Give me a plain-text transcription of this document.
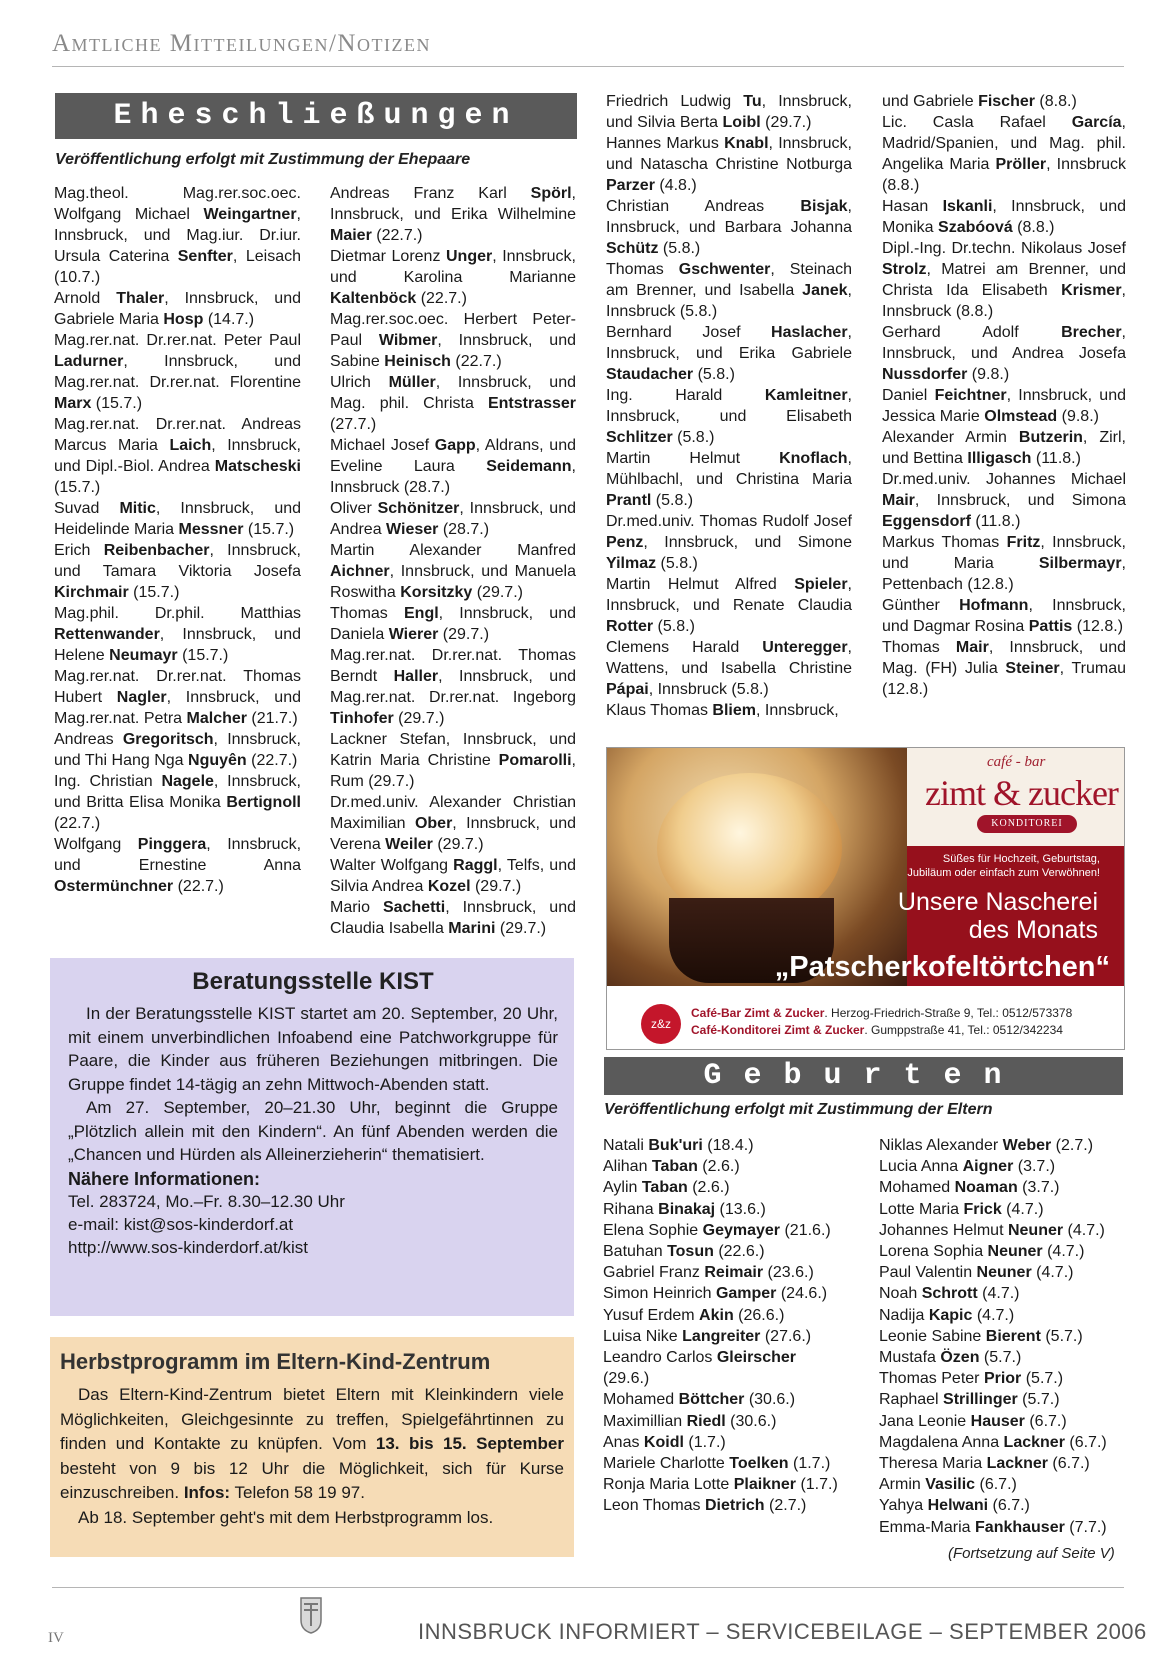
Amtliche Mitteilungen/Notizen
Eheschließungen
Veröffentlichung erfolgt mit Zustimmung der Ehepaare

Mag.theol. Mag.rer.soc.oec. Wolfgang Michael Weingartner, Innsbruck, und Mag.iur. Dr.iur. Ursula Caterina Senfter, Leisach (10.7.)

Arnold Thaler, Innsbruck, und Gabriele Maria Hosp (14.7.)

Mag.rer.nat. Dr.rer.nat. Peter Paul Ladurner, Innsbruck, und Mag.rer.nat. Dr.rer.nat. Florentine Marx (15.7.)

Mag.rer.nat. Dr.rer.nat. Andreas Marcus Maria Laich, Innsbruck, und Dipl.-Biol. Andrea Matscheski (15.7.)

Suvad Mitic, Innsbruck, und Heidelinde Maria Messner (15.7.)

Erich Reibenbacher, Innsbruck, und Tamara Viktoria Josefa Kirchmair (15.7.)

Mag.phil. Dr.phil. Matthias Rettenwander, Innsbruck, und Helene Neumayr (15.7.)

Mag.rer.nat. Dr.rer.nat. Thomas Hubert Nagler, Innsbruck, und Mag.rer.nat. Petra Malcher (21.7.)

Andreas Gregoritsch, Innsbruck, und Thi Hang Nga Nguyên (22.7.)

Ing. Christian Nagele, Innsbruck, und Britta Elisa Monika Bertignoll (22.7.)

Wolfgang Pinggera, Innsbruck, und Ernestine Anna Ostermünchner (22.7.)

Andreas Franz Karl Spörl, Innsbruck, und Erika Wilhelmine Maier (22.7.)

Dietmar Lorenz Unger, Innsbruck, und Karolina Marianne Kaltenböck (22.7.)

Mag.rer.soc.oec. Herbert Peter-Paul Wibmer, Innsbruck, und Sabine Heinisch (22.7.)

Ulrich Müller, Innsbruck, und Mag. phil. Christa Entstrasser (27.7.)

Michael Josef Gapp, Aldrans, und Eveline Laura Seidemann, Innsbruck (28.7.)

Oliver Schönitzer, Innsbruck, und Andrea Wieser (28.7.)

Martin Alexander Manfred Aichner, Innsbruck, und Manuela Roswitha Korsitzky (29.7.)

Thomas Engl, Innsbruck, und Daniela Wierer (29.7.)

Mag.rer.nat. Dr.rer.nat. Thomas Berndt Haller, Innsbruck, und Mag.rer.nat. Dr.rer.nat. Ingeborg Tinhofer (29.7.)

Lackner Stefan, Innsbruck, und Katrin Maria Christine Pomarolli, Rum (29.7.)

Dr.med.univ. Alexander Christian Maximilian Ober, Innsbruck, und Verena Weiler (29.7.)

Walter Wolfgang Raggl, Telfs, und Silvia Andrea Kozel (29.7.)

Mario Sachetti, Innsbruck, und Claudia Isabella Marini (29.7.)

Friedrich Ludwig Tu, Innsbruck, und Silvia Berta Loibl (29.7.)

Hannes Markus Knabl, Innsbruck, und Natascha Christine Notburga Parzer (4.8.)

Christian Andreas Bisjak, Innsbruck, und Barbara Johanna Schütz (5.8.)

Thomas Gschwenter, Steinach am Brenner, und Isabella Janek, Innsbruck (5.8.)

Bernhard Josef Haslacher, Innsbruck, und Erika Gabriele Staudacher (5.8.)

Ing. Harald Kamleitner, Innsbruck, und Elisabeth Schlitzer (5.8.)

Martin Helmut Knoflach, Mühlbachl, und Christina Maria Prantl (5.8.)

Dr.med.univ. Thomas Rudolf Josef Penz, Innsbruck, und Simone Yilmaz (5.8.)

Martin Helmut Alfred Spieler, Innsbruck, und Renate Claudia Rotter (5.8.)

Clemens Harald Unteregger, Wattens, und Isabella Christine Pápai, Innsbruck (5.8.)

Klaus Thomas Bliem, Innsbruck,

und Gabriele Fischer (8.8.)

Lic. Casla Rafael García, Madrid/Spanien, und Mag. phil. Angelika Maria Pröller, Innsbruck (8.8.)

Hasan Iskanli, Innsbruck, und Monika Szabóová (8.8.)

Dipl.-Ing. Dr.techn. Nikolaus Josef Strolz, Matrei am Brenner, und Christa Ida Elisabeth Krismer, Innsbruck (8.8.)

Gerhard Adolf Brecher, Innsbruck, und Andrea Josefa Nussdorfer (9.8.)

Daniel Feichtner, Innsbruck, und Jessica Marie Olmstead (9.8.)

Alexander Armin Butzerin, Zirl, und Bettina Illigasch (11.8.)

Dr.med.univ. Johannes Michael Mair, Innsbruck, und Simona Eggensdorf (11.8.)

Markus Thomas Fritz, Innsbruck, und Maria Silbermayr, Pettenbach (12.8.)

Günther Hofmann, Innsbruck, und Dagmar Rosina Pattis (12.8.)

Thomas Mair, Innsbruck, und Mag. (FH) Julia Steiner, Trumau (12.8.)

Beratungsstelle KIST

In der Beratungsstelle KIST startet am 20. September, 20 Uhr, mit einem unverbindlichen Infoabend eine Patchworkgruppe für Paare, die Kinder aus früheren Beziehungen mitbringen. Die Gruppe findet 14-tägig an zehn Mittwoch-Abenden statt.

Am 27. September, 20–21.30 Uhr, beginnt die Gruppe „Plötzlich allein mit den Kindern“. An fünf Abenden werden die „Chancen und Hürden als Alleinerzieherin“ thematisiert.

Nähere Informationen:
Tel. 283724, Mo.–Fr. 8.30–12.30 Uhr
e-mail: kist@sos-kinderdorf.at
http://www.sos-kinderdorf.at/kist
Herbstprogramm im Eltern-Kind-Zentrum

Das Eltern-Kind-Zentrum bietet Eltern mit Kleinkindern viele Möglichkeiten, Gleichgesinnte zu treffen, Spielgefährtinnen zu finden und Kontakte zu knüpfen. Vom 13. bis 15. September besteht von 9 bis 12 Uhr die Möglichkeit, sich für Kurse einzuschreiben. Infos: Telefon 58 19 97.

Ab 18. September geht's mit dem Herbstprogramm los.

café - bar
zimt & zucker
KONDITOREI
Süßes für Hochzeit, Geburtstag,
Jubiläum oder einfach zum Verwöhnen!
Unsere Nascherei
des Monats
„Patscherkofeltörtchen“
z&z
Café-Bar Zimt & Zucker. Herzog-Friedrich-Straße 9, Tel.: 0512/573378
Café-Konditorei Zimt & Zucker. Gumppstraße 41, Tel.: 0512/342234
Geburten
Veröffentlichung erfolgt mit Zustimmung der Eltern

Natali Buk'uri (18.4.)

Alihan Taban (2.6.)

Aylin Taban (2.6.)

Rihana Binakaj (13.6.)

Elena Sophie Geymayer (21.6.)

Batuhan Tosun (22.6.)

Gabriel Franz Reimair (23.6.)

Simon Heinrich Gamper (24.6.)

Yusuf Erdem Akin (26.6.)

Luisa Nike Langreiter (27.6.)

Leandro Carlos Gleirscher (29.6.)

Mohamed Böttcher (30.6.)

Maximillian Riedl (30.6.)

Anas Koidl (1.7.)

Mariele Charlotte Toelken (1.7.)

Ronja Maria Lotte Plaikner (1.7.)

Leon Thomas Dietrich (2.7.)

Niklas Alexander Weber (2.7.)

Lucia Anna Aigner (3.7.)

Mohamed Noaman (3.7.)

Lotte Maria Frick (4.7.)

Johannes Helmut Neuner (4.7.)

Lorena Sophia Neuner (4.7.)

Paul Valentin Neuner (4.7.)

Noah Schrott (4.7.)

Nadija Kapic (4.7.)

Leonie Sabine Bierent (5.7.)

Mustafa Özen (5.7.)

Thomas Peter Prior (5.7.)

Raphael Strillinger (5.7.)

Jana Leonie Hauser (6.7.)

Magdalena Anna Lackner (6.7.)

Theresa Maria Lackner (6.7.)

Armin Vasilic (6.7.)

Yahya Helwani (6.7.)

Emma-Maria Fankhauser (7.7.)

(Fortsetzung auf Seite V)
IV	INNSBRUCK INFORMIERT – SERVICEBEILAGE – SEPTEMBER 2006
